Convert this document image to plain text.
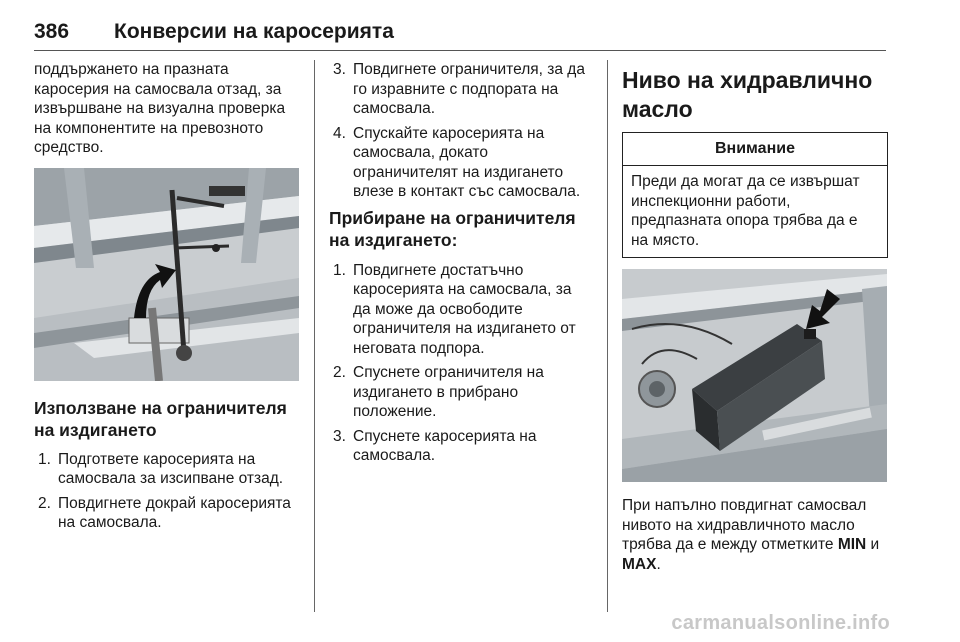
386 Конверсии на каросерията

поддържането на празната каросерия на самосвала отзад, за извършване на визуална проверка на компонентите на превозното средство.

Използване на ограничителя на издигането
1. Подгответе каросерията на самосвала за изсипване отзад.
2. Повдигнете докрай каросерията на самосвала.
3. Повдигнете ограничителя, за да го изравните с подпората на самосвала.
4. Спускайте каросерията на самосвала, докато ограничителят на издигането влезе в контакт със самосвала.
Прибиране на ограничителя на издигането:
1. Повдигнете достатъчно каросерията на самосвала, за да може да освободите ограничителя на издигането от неговата подпора.
2. Спуснете ограничителя на издигането в прибрано положение.
3. Спуснете каросерията на самосвала.
Ниво на хидравлично масло
Внимание
Преди да могат да се извършат инспекционни работи, предпазната опора трябва да е на място.

При напълно повдигнат самосвал нивото на хидравличното масло трябва да е между отметките MIN и MAX.

carmanualsonline.info
